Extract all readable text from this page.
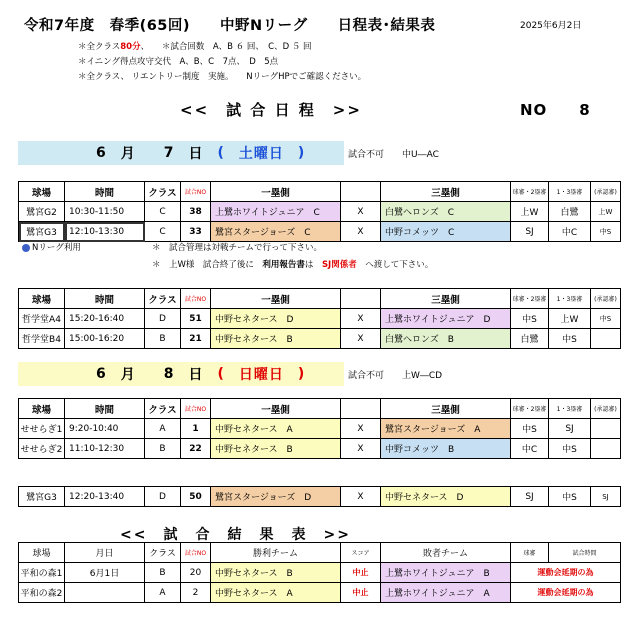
令和7年度　春季(65回)　　中野Nリーグ　　日程表･結果表	2025年6月2日
＊全クラス80分、　　＊試合回数　A、B ６ 回、　C、D ５ 回
＊イニング得点攻守交代　A、B、C　7点、　D　5点
＊全クラス、 リエントリー制度　実施。　　NリーグHPでご確認ください。
<<　試 合 日 程　>>	NO　　8
6 月 7 日 ( 土曜日 )	試合不可　　中U―AC
球場	時間	クラス	試合NO	一塁側		三塁側	球審・2塁審	1・3塁審	(承認審)
鷺宮G2	10:30-11:50	C	38	上鷺ホワイトジュニア　C	X	白鷺ヘロンズ　C	上W	白鷺	上W
鷺宮G3	12:10-13:30	C	33	鷺宮スタージョーズ　C	X	中野コメッツ　C	SJ	中C	中S
Nリーグ利用	＊　試合管理は対戦チームで行って下さい。
＊　上W様　試合終了後に　利用報告書は　SJ関係者　へ渡して下さい。
球場	時間	クラス	試合NO	一塁側		三塁側	球審・2塁審	1・3塁審	(承認審)
哲学堂A4	15:20-16:40	D	51	中野セネタース　D	X	上鷺ホワイトジュニア　D	中S	上W	中S
哲学堂B4	15:00-16:20	B	21	中野セネタース　B	X	白鷺ヘロンズ　B	白鷺	中S	
6 月 8 日 ( 日曜日 )	試合不可　　上W―CD
球場	時間	クラス	試合NO	一塁側		三塁側	球審・2塁審	1・3塁審	(承認審)
せせらぎ1	9:20-10:40	A	1	中野セネタース　A	X	鷺宮スタージョーズ　A	中S	SJ	
せせらぎ2	11:10-12:30	B	22	中野セネタース　B	X	中野コメッツ　B	中C	中S	
鷺宮G3	12:20-13:40	D	50	鷺宮スタージョーズ　D	X	中野セネタース　D	SJ	中S	SJ
<<　試　合　結　果　表　>>
球場	月日	クラス	試合NO	勝利チーム	スコア	敗者チーム	球審	試合時間
平和の森1	6月1日	B	20	中野セネタース　B	中止	上鷺ホワイトジュニア　B	運動会延期の為	
平和の森2		A	2	中野セネタース　A	中止	上鷺ホワイトジュニア　A	運動会延期の為	
